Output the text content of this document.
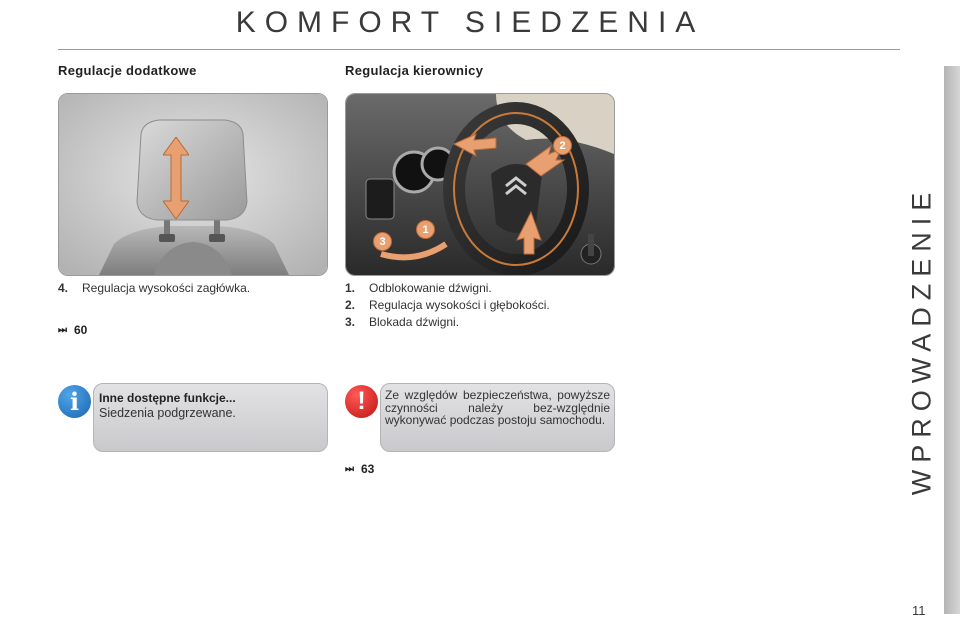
KOMFORT SIEDZENIA
WPROWADZENIE
Regulacje dodatkowe
4.	Regulacja wysokości zagłówka.
⏭ 60
Regulacja kierownicy
1
2
3
1.	Odblokowanie dźwigni.
2.	Regulacja wysokości i głębokości.
3.	Blokada dźwigni.
Inne dostępne funkcje...
Siedzenia podgrzewane.
i	Ze względów bezpieczeństwa, powyższe czynności należy bez-względnie wykonywać podczas postoju samochodu.
!
⏭ 63
11
